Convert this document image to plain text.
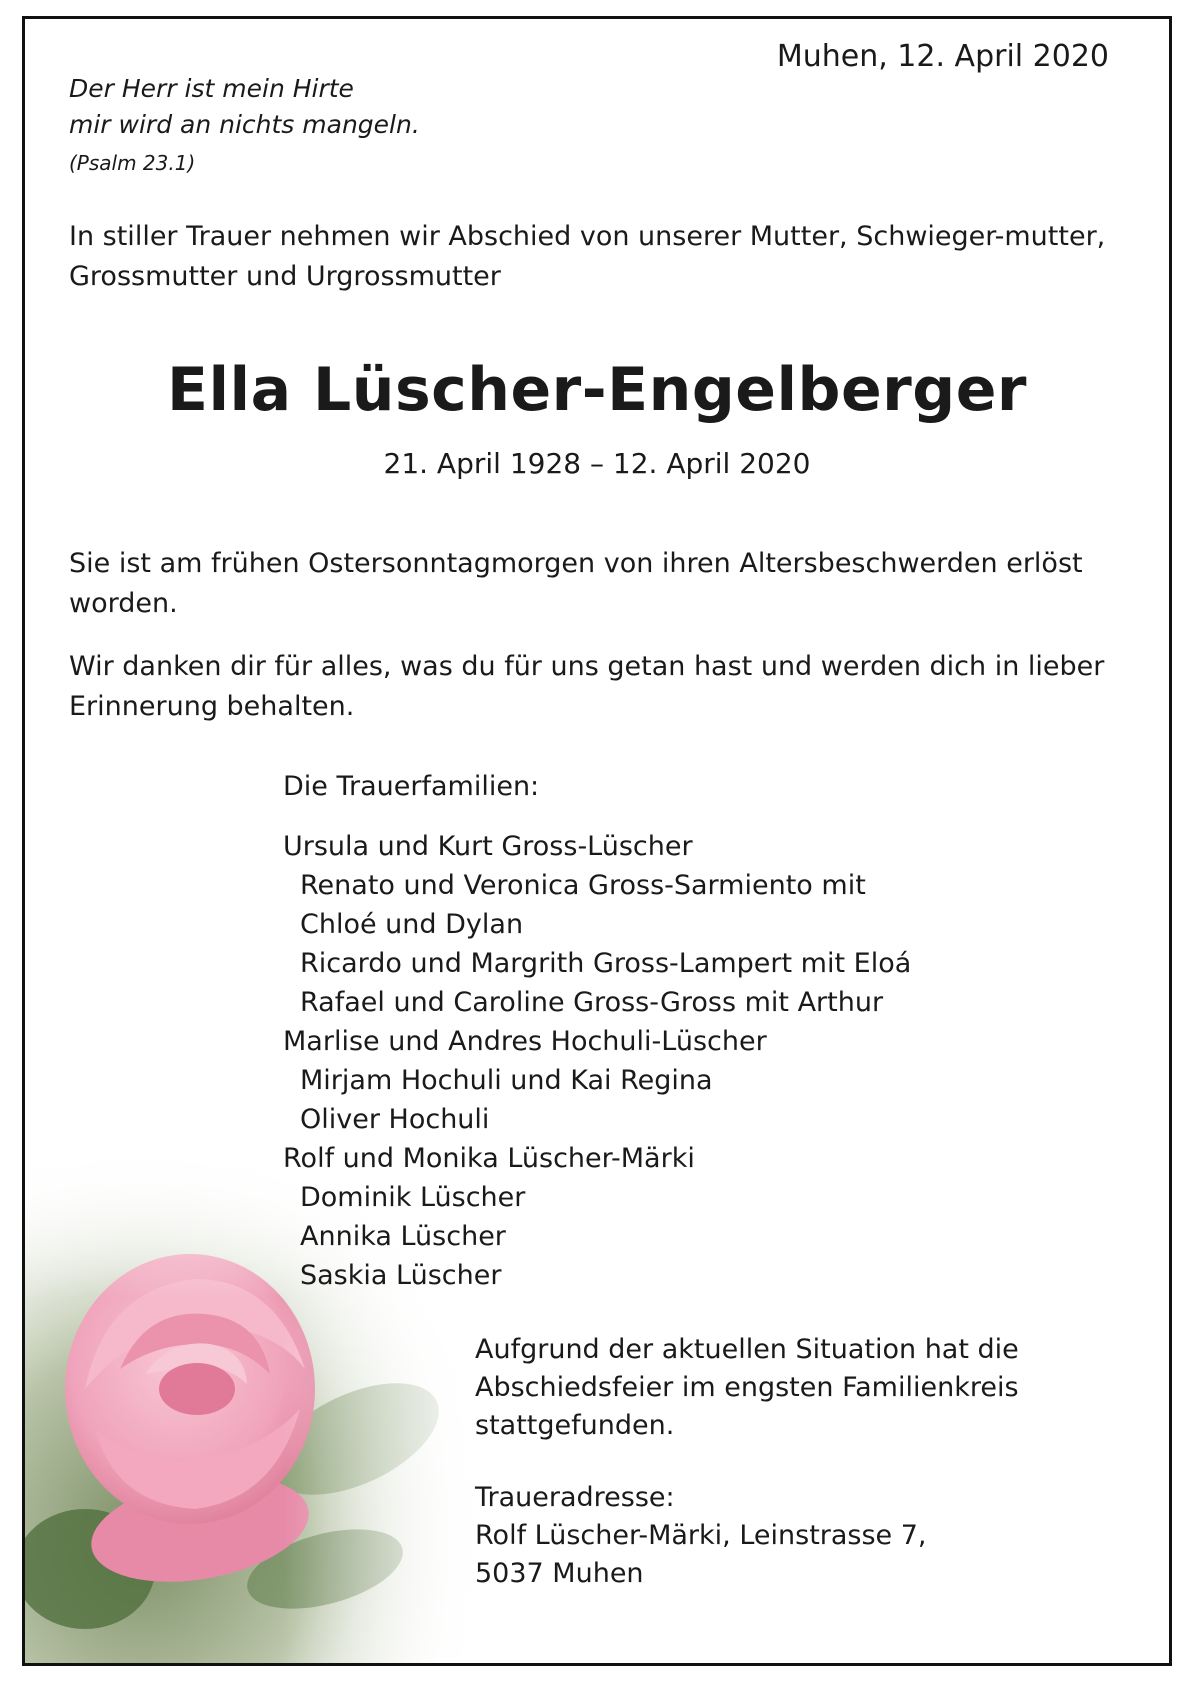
Muhen, 12. April 2020
Der Herr ist mein Hirte
mir wird an nichts mangeln.
(Psalm 23.1)
In stiller Trauer nehmen wir Abschied von unserer Mutter, Schwieger-mutter, Grossmutter und Urgrossmutter
Ella Lüscher-Engelberger
21. April 1928 – 12. April 2020
Sie ist am frühen Ostersonntagmorgen von ihren Altersbeschwerden erlöst worden.
Wir danken dir für alles, was du für uns getan hast und werden dich in lieber Erinnerung behalten.
Die Trauerfamilien:
Ursula und Kurt Gross-Lüscher
Renato und Veronica Gross-Sarmiento mit
Chloé und Dylan
Ricardo und Margrith Gross-Lampert mit Eloá
Rafael und Caroline Gross-Gross mit Arthur
Marlise und Andres Hochuli-Lüscher
Mirjam Hochuli und Kai Regina
Oliver Hochuli
Rolf und Monika Lüscher-Märki
Dominik Lüscher
Annika Lüscher
Saskia Lüscher
Aufgrund der aktuellen Situation hat die
Abschiedsfeier im engsten Familienkreis
stattgefunden.
Traueradresse:
Rolf Lüscher-Märki, Leinstrasse 7,
5037 Muhen
